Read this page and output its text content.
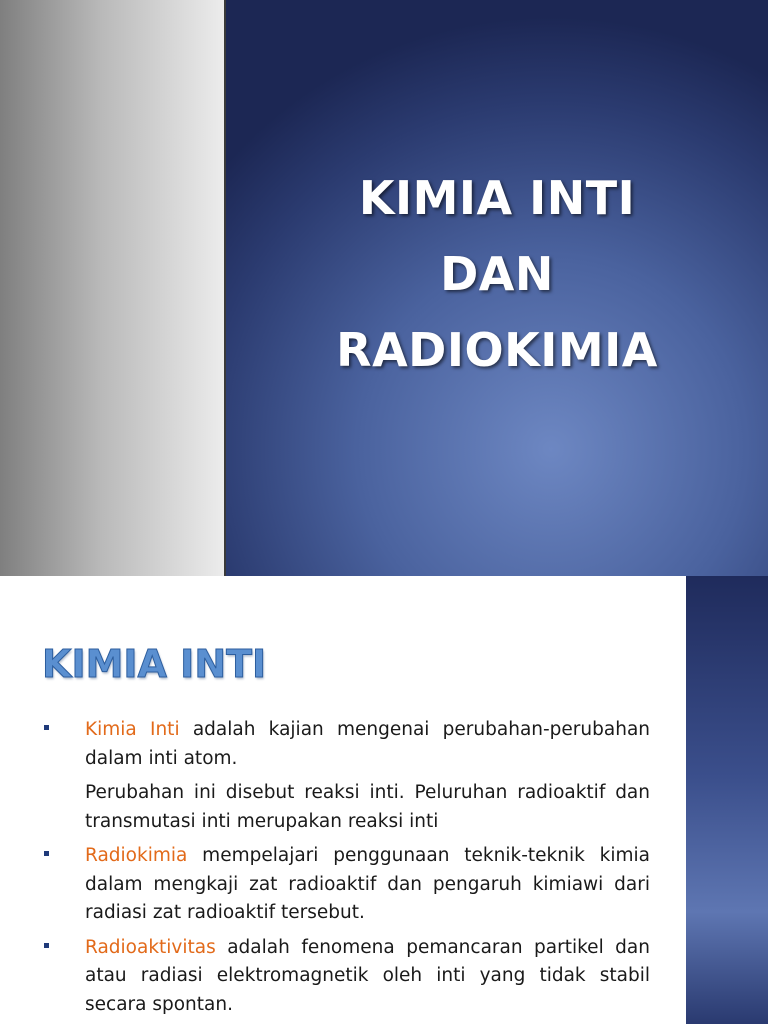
KIMIA INTI
DAN
RADIOKIMIA
KIMIA INTI

Kimia Inti adalah kajian mengenai perubahan-perubahan dalam inti atom.

Perubahan ini disebut reaksi inti. Peluruhan radioaktif dan transmutasi inti merupakan reaksi inti

Radiokimia mempelajari penggunaan teknik-teknik kimia dalam mengkaji zat radioaktif dan pengaruh kimiawi dari radiasi zat radioaktif tersebut.

Radioaktivitas adalah fenomena pemancaran partikel dan atau radiasi elektromagnetik oleh inti yang tidak stabil secara spontan.
